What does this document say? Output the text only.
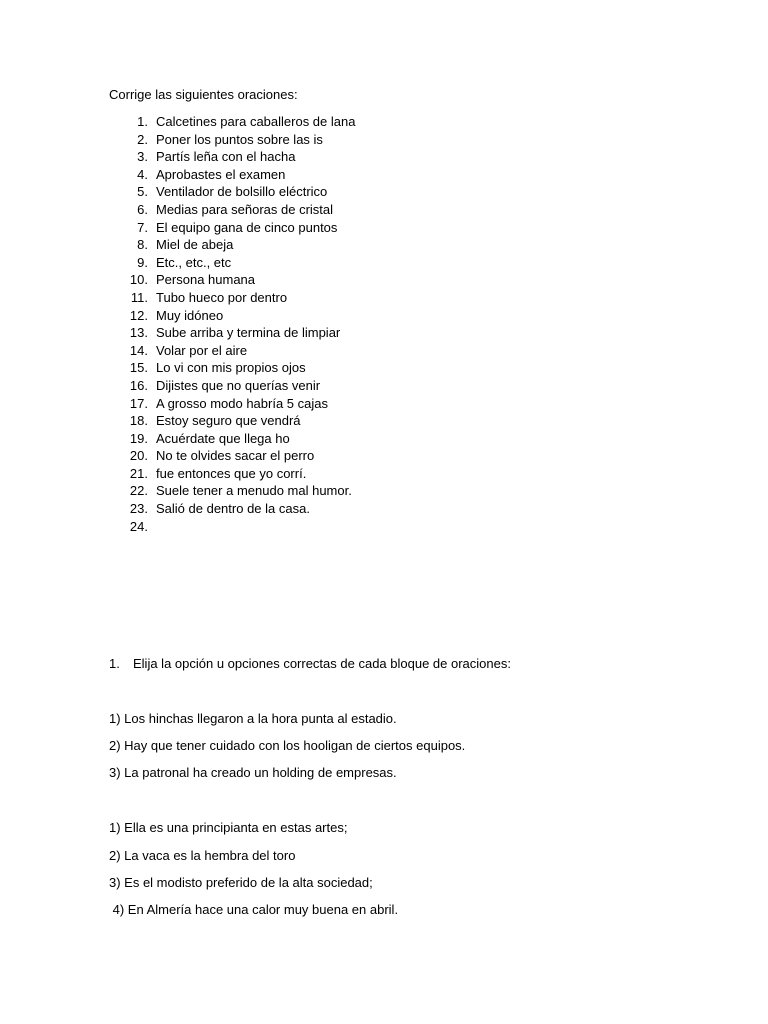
Corrige las siguientes oraciones:
1. Calcetines para caballeros de lana
2. Poner los puntos sobre las is
3. Partís leña con el hacha
4. Aprobastes el examen
5. Ventilador de bolsillo eléctrico
6. Medias para señoras de cristal
7. El equipo gana de cinco puntos
8. Miel de abeja
9. Etc., etc., etc
10. Persona humana
11. Tubo hueco por dentro
12. Muy idóneo
13. Sube arriba y termina de limpiar
14. Volar por el aire
15. Lo vi con mis propios ojos
16. Dijistes que no querías venir
17. A grosso modo habría 5 cajas
18. Estoy seguro que vendrá
19. Acuérdate que llega ho
20. No te olvides sacar el perro
21. fue entonces que yo corrí.
22. Suele tener a menudo mal humor.
23. Salió de dentro de la casa.
24.
1. Elija la opción u opciones correctas de cada bloque de oraciones:
1) Los hinchas llegaron a la hora punta al estadio.
2) Hay que tener cuidado con los hooligan de ciertos equipos.
3) La patronal ha creado un holding de empresas.
1) Ella es una principianta en estas artes;
2) La vaca es la hembra del toro
3) Es el modisto preferido de la alta sociedad;
4) En Almería hace una calor muy buena en abril.
